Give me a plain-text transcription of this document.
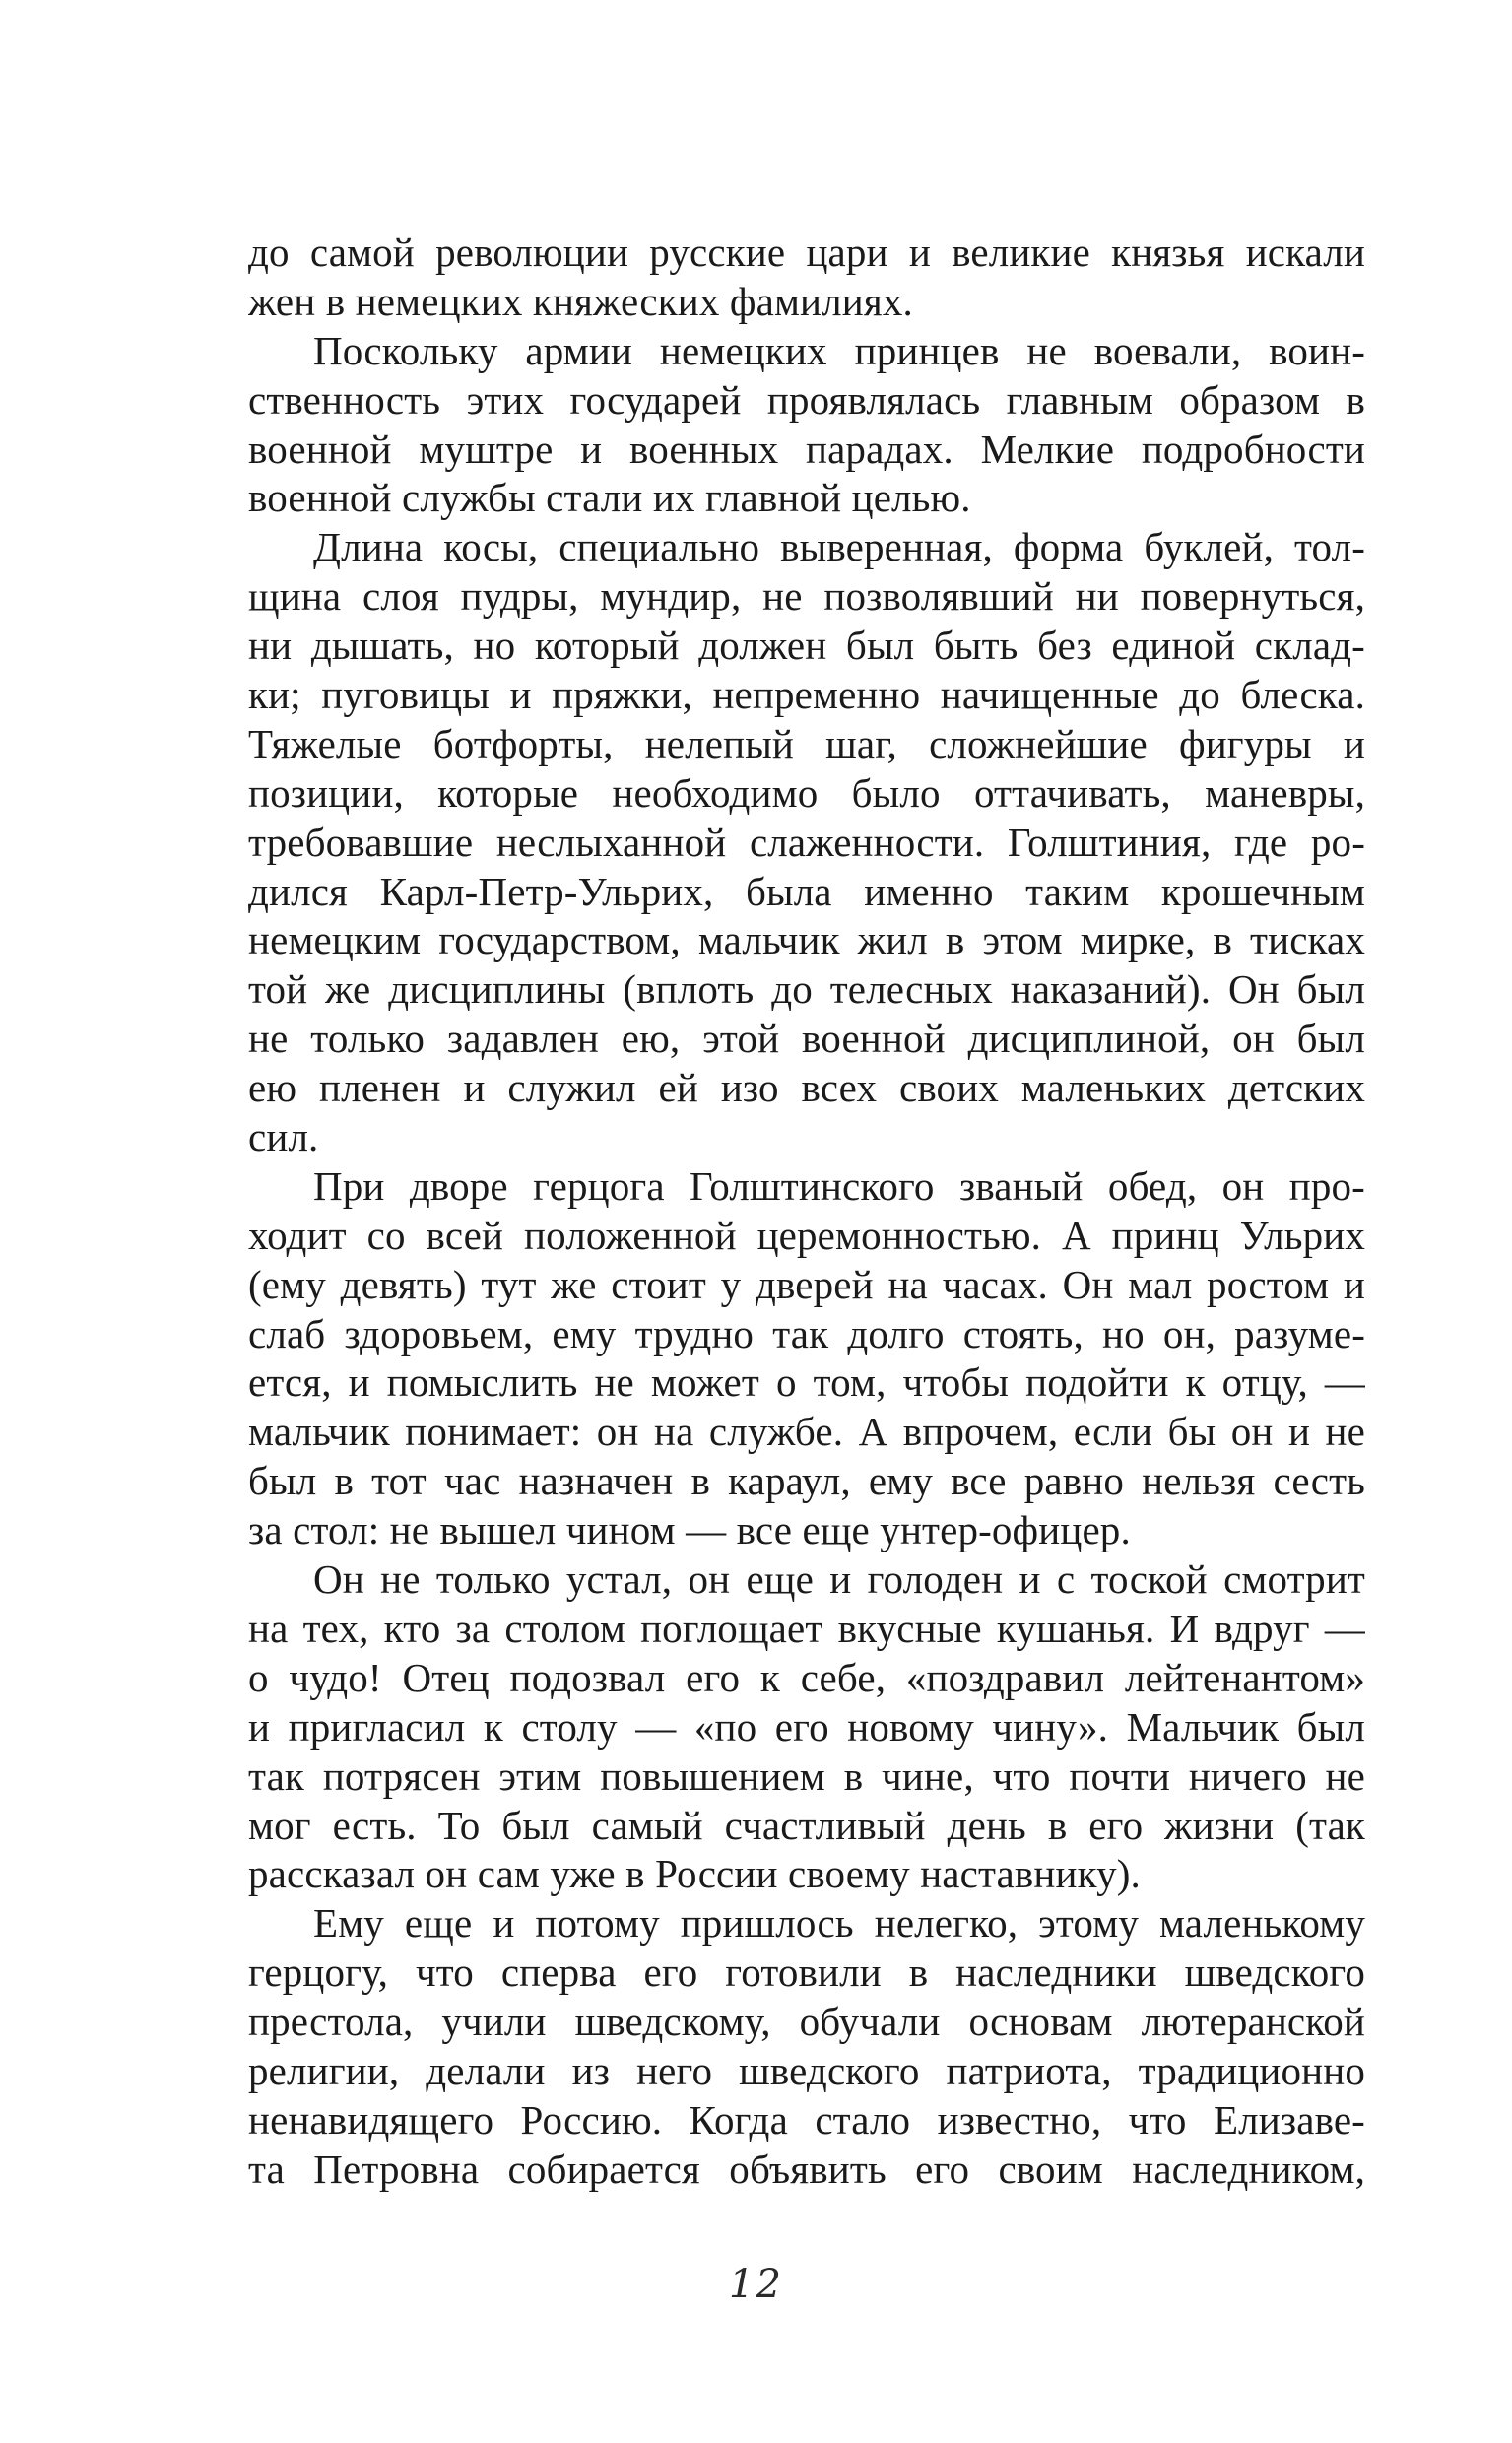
до самой революции русские цари и великие князья искали
жен в немецких княжеских фамилиях.
Поскольку армии немецких принцев не воевали, воин-
ственность этих государей проявлялась главным образом в
военной муштре и военных парадах. Мелкие подробности
военной службы стали их главной целью.
Длина косы, специально выверенная, форма буклей, тол-
щина слоя пудры, мундир, не позволявший ни повернуться,
ни дышать, но который должен был быть без единой склад-
ки; пуговицы и пряжки, непременно начищенные до блеска.
Тяжелые ботфорты, нелепый шаг, сложнейшие фигуры и
позиции, которые необходимо было оттачивать, маневры,
требовавшие неслыханной слаженности. Голштиния, где ро-
дился Карл-Петр-Ульрих, была именно таким крошечным
немецким государством, мальчик жил в этом мирке, в тисках
той же дисциплины (вплоть до телесных наказаний). Он был
не только задавлен ею, этой военной дисциплиной, он был
ею пленен и служил ей изо всех своих маленьких детских
сил.
При дворе герцога Голштинского званый обед, он про-
ходит со всей положенной церемонностью. А принц Ульрих
(ему девять) тут же стоит у дверей на часах. Он мал ростом и
слаб здоровьем, ему трудно так долго стоять, но он, разуме-
ется, и помыслить не может о том, чтобы подойти к отцу, —
мальчик понимает: он на службе. А впрочем, если бы он и не
был в тот час назначен в караул, ему все равно нельзя сесть
за стол: не вышел чином — все еще унтер-офицер.
Он не только устал, он еще и голоден и с тоской смотрит
на тех, кто за столом поглощает вкусные кушанья. И вдруг —
о чудо! Отец подозвал его к себе, «поздравил лейтенантом»
и пригласил к столу — «по его новому чину». Мальчик был
так потрясен этим повышением в чине, что почти ничего не
мог есть. То был самый счастливый день в его жизни (так
рассказал он сам уже в России своему наставнику).
Ему еще и потому пришлось нелегко, этому маленькому
герцогу, что сперва его готовили в наследники шведского
престола, учили шведскому, обучали основам лютеранской
религии, делали из него шведского патриота, традиционно
ненавидящего Россию. Когда стало известно, что Елизаве-
та Петровна собирается объявить его своим наследником,
12
